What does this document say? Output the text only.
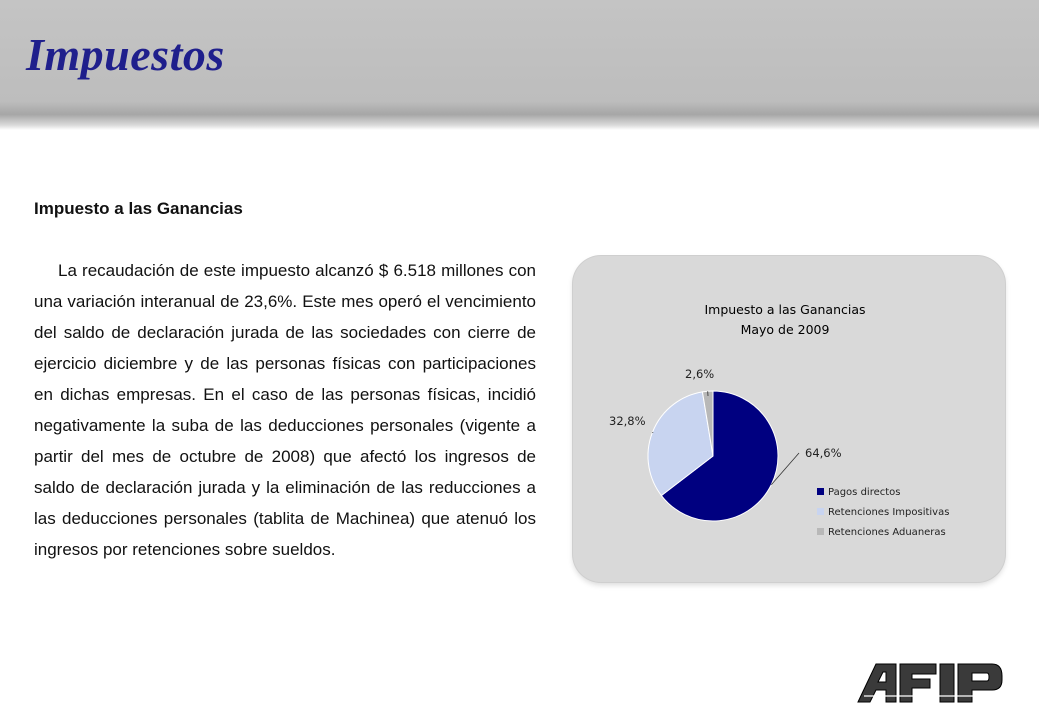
Impuestos
Impuesto a las Ganancias

La recaudación de este impuesto alcanzó $ 6.518 millones con una variación interanual de 23,6%. Este mes operó el vencimiento del saldo de declaración jurada de las sociedades con cierre de ejercicio diciembre y de las personas físicas con participaciones en dichas empresas. En el caso de las personas físicas, incidió negativamente la suba de las deducciones personales (vigente a partir del mes de octubre de 2008) que afectó los ingresos de saldo de declaración jurada y la eliminación de las reducciones a las deducciones personales (tablita de Machinea) que atenuó los ingresos por retenciones sobre sueldos.

Impuesto a las Ganancias
Mayo de 2009
64,6%
32,8%
2,6%
Pagos directos
Retenciones Impositivas
Retenciones Aduaneras
